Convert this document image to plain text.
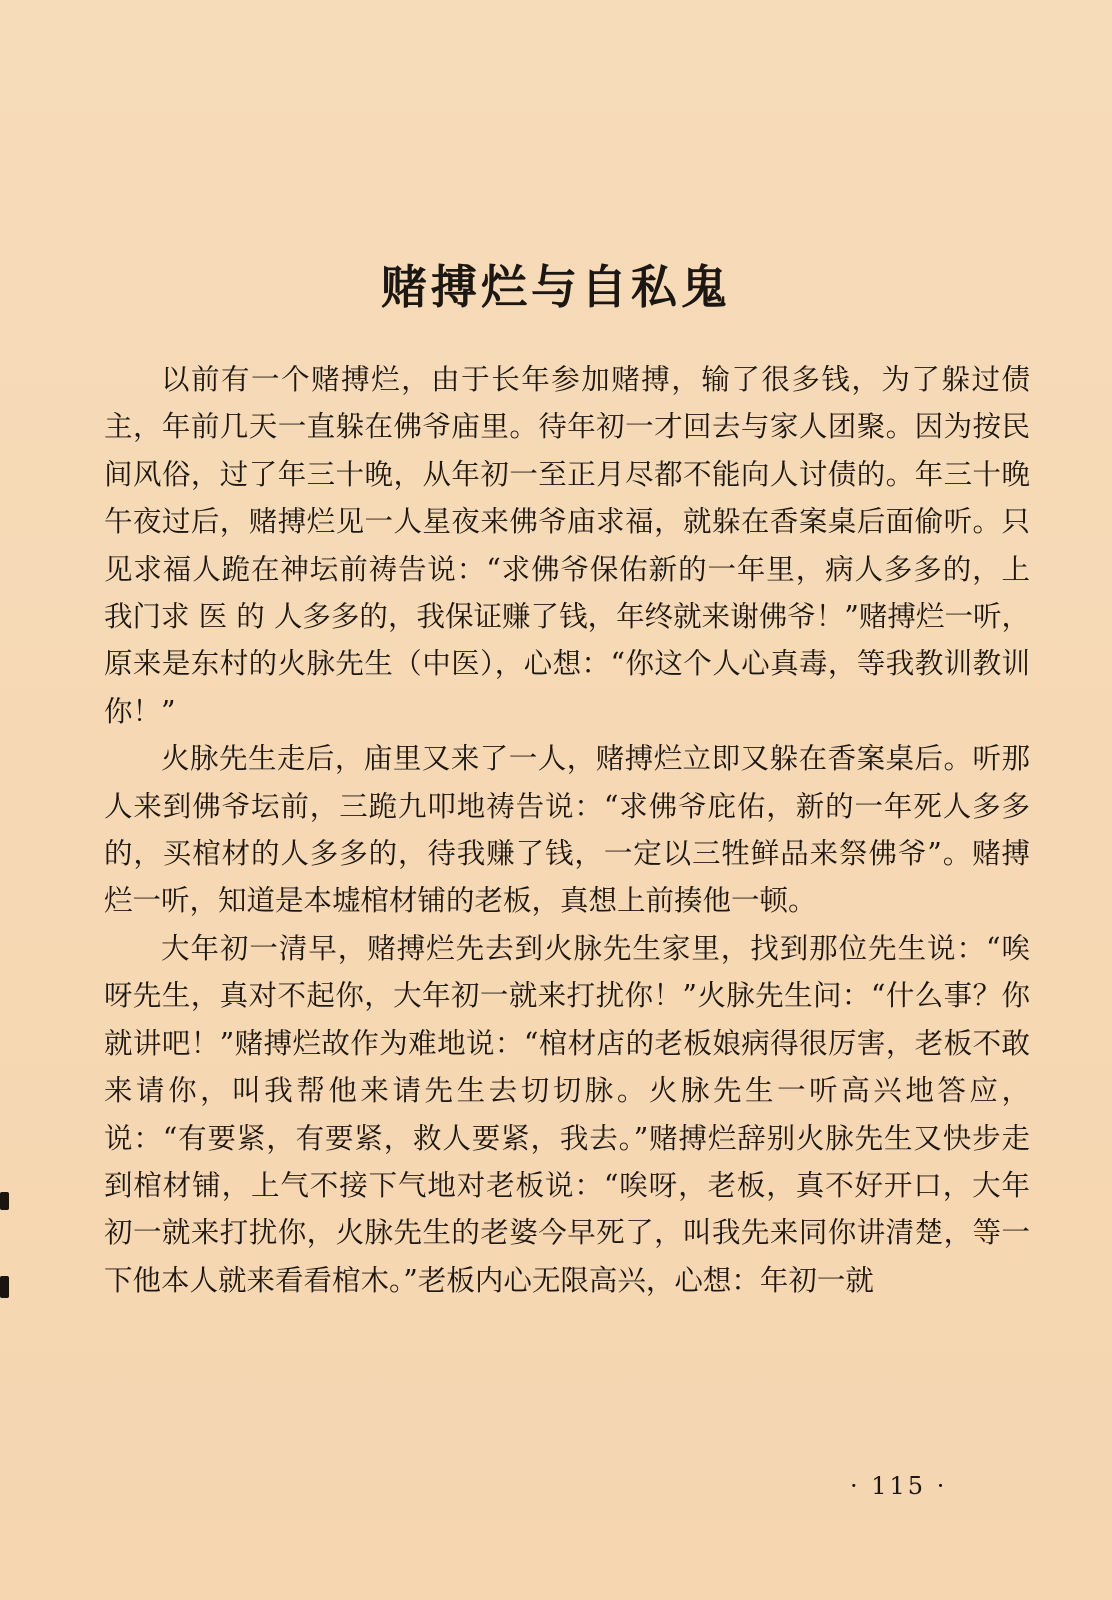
赌搏烂与自私鬼

以前有一个赌搏烂，由于长年参加赌搏，输了很多钱，为了躲过债主，年前几天一直躲在佛爷庙里。待年初一才回去与家人团聚。因为按民间风俗，过了年三十晚，从年初一至正月尽都不能向人讨债的。年三十晚午夜过后，赌搏烂见一人星夜来佛爷庙求福，就躲在香案桌后面偷听。只见求福人跪在神坛前祷告说：“求佛爷保佑新的一年里，病人多多的，上我门求 医 的 人多多的，我保证赚了钱，年终就来谢佛爷！”赌搏烂一听，原来是东村的火脉先生（中医），心想：“你这个人心真毒，等我教训教训你！”

火脉先生走后，庙里又来了一人，赌搏烂立即又躲在香案桌后。听那人来到佛爷坛前，三跪九叩地祷告说：“求佛爷庇佑，新的一年死人多多的，买棺材的人多多的，待我赚了钱，一定以三牲鲜品来祭佛爷”。赌搏烂一听，知道是本墟棺材铺的老板，真想上前揍他一顿。

大年初一清早，赌搏烂先去到火脉先生家里，找到那位先生说：“唉呀先生，真对不起你，大年初一就来打扰你！”火脉先生问：“什么事？你就讲吧！”赌搏烂故作为难地说：“棺材店的老板娘病得很厉害，老板不敢来请你，叫我帮他来请先生去切切脉。火脉先生一听高兴地答应，说：“有要紧，有要紧，救人要紧，我去。”赌搏烂辞别火脉先生又快步走到棺材铺，上气不接下气地对老板说：“唉呀，老板，真不好开口，大年初一就来打扰你，火脉先生的老婆今早死了，叫我先来同你讲清楚，等一下他本人就来看看棺木。”老板内心无限高兴，心想：年初一就

· 115 ·
